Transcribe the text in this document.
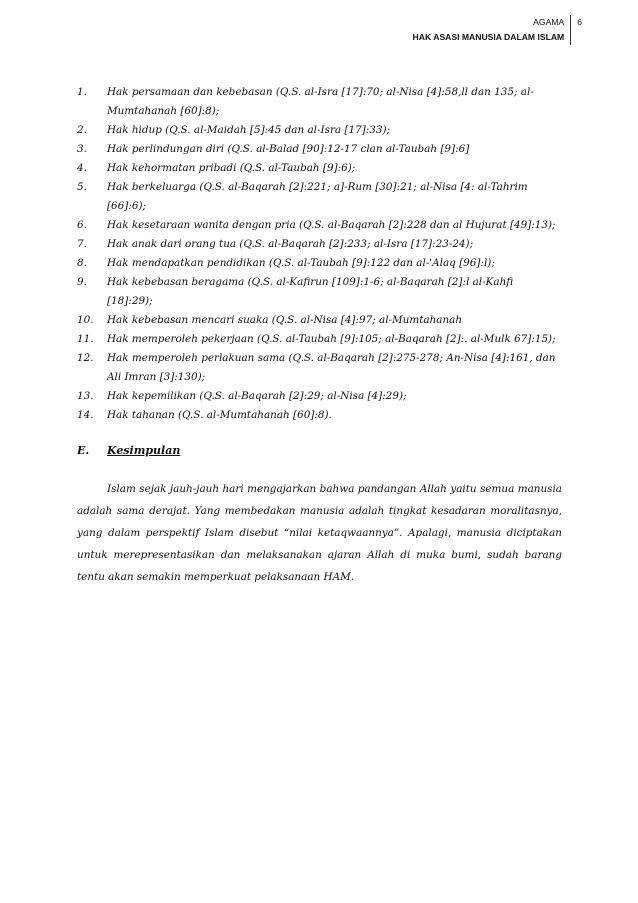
AGAMA
HAK ASASI MANUSIA DALAM ISLAM
6
1.	Hak persamaan dan kebebasan (Q.S. al-Isra [17]:70; al-Nisa [4]:58,ll dan 135; al-Mumtahanah [60]:8);
2.	Hak hidup (Q.S. al-Maidah [5]:45 dan al-Isra [17]:33);
3.	Hak perlindungan diri (Q.S. al-Balad [90]:12-17 clan al-Taubah [9]:6]
4.	Hak kehormatan pribadi (Q.S. al-Taubah [9]:6);
5.	Hak berkeluarga (Q.S. al-Baqarah [2]:221; a]-Rum [30]:21; al-Nisa [4: al-Tahrim [66]:6);
6.	Hak kesetaraan wanita dengan pria (Q.S. al-Baqarah [2]:228 dan al Hujurat [49]:13);
7.	Hak anak dari orang tua (Q.S. al-Baqarah [2]:233; al-Isra [17]:23-24);
8.	Hak mendapatkan pendidikan (Q.S. al-Taubah [9]:122 dan al-'Alaq [96]:l);
9.	Hak kebebasan beragama (Q.S. al-Kafirun [109]:1-6; al-Baqarah [2]:l al-Kahfi [18]:29);
10.	Hak kebebasan mencari suaka (Q.S. al-Nisa [4]:97; al-Mumtahanah
11.	Hak memperoleh pekerjaan (Q.S. al-Taubah [9]:105; al-Baqarah [2]:. al-Mulk 67]:15);
12.	Hak memperoleh perlakuan sama (Q.S. al-Baqarah [2]:275-278; An-Nisa [4]:161, dan Ali Imran [3]:130);
13.	Hak kepemilikan (Q.S. al-Baqarah [2]:29; al-Nisa [4]:29);
14.	Hak tahanan (Q.S. al-Mumtahanah [60]:8).
E.	Kesimpulan

Islam sejak jauh-jauh hari mengajarkan bahwa pandangan Allah yaitu semua manusia adalah sama derajat. Yang membedakan manusia adalah tingkat kesadaran moralitasnya, yang dalam perspektif Islam disebut “nilai ketaqwaannya”. Apalagi, manusia diciptakan untuk merepresentasikan dan melaksanakan ajaran Allah di muka bumi, sudah barang tentu akan semakin memperkuat pelaksanaan HAM.
